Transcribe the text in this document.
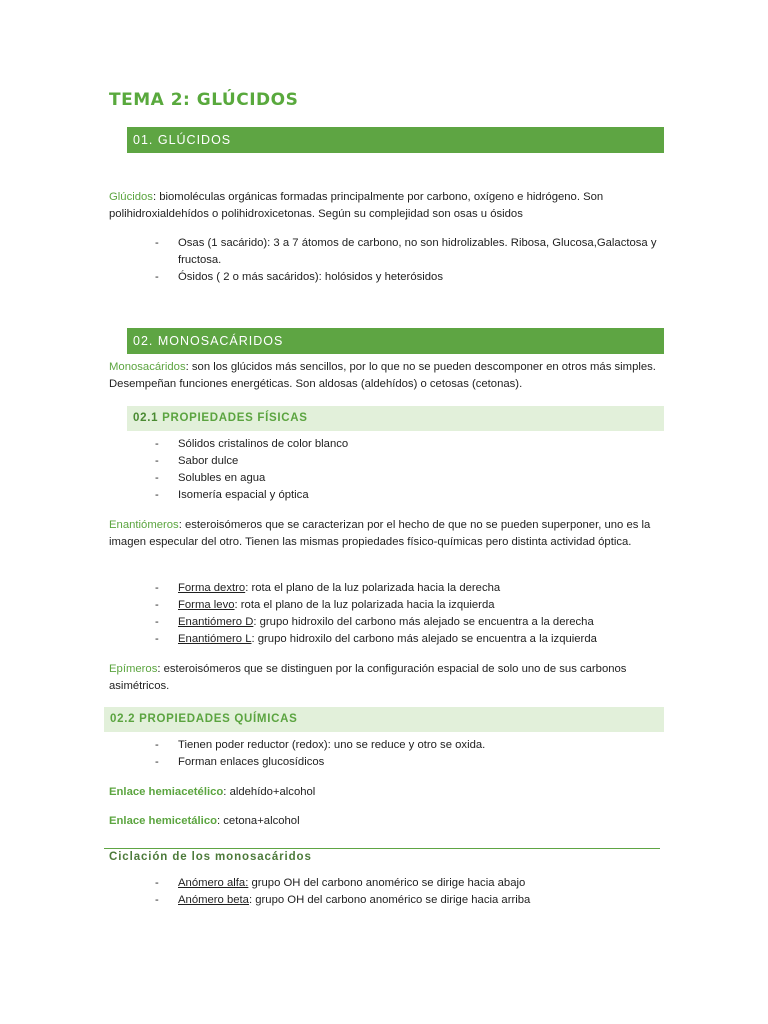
TEMA 2: GLÚCIDOS
01. GLÚCIDOS

Glúcidos: biomoléculas orgánicas formadas principalmente por carbono, oxígeno e hidrógeno. Son polihidroxialdehídos o polihidroxicetonas. Según su complejidad son osas u ósidos

- Osas (1 sacárido): 3 a 7 átomos de carbono, no son hidrolizables. Ribosa, Glucosa,Galactosa y fructosa.
- Ósidos ( 2 o más sacáridos): holósidos y heterósidos
02. MONOSACÁRIDOS

Monosacáridos: son los glúcidos más sencillos, por lo que no se pueden descomponer en otros más simples. Desempeñan funciones energéticas. Son aldosas (aldehídos) o cetosas (cetonas).

02.1 PROPIEDADES FÍSICAS
- Sólidos cristalinos de color blanco
- Sabor dulce
- Solubles en agua
- Isomería espacial y óptica

Enantiómeros: esteroisómeros que se caracterizan por el hecho de que no se pueden superponer, uno es la imagen especular del otro. Tienen las mismas propiedades físico-químicas pero distinta actividad óptica.

- Forma dextro: rota el plano de la luz polarizada hacia la derecha
- Forma levo: rota el plano de la luz polarizada hacia la izquierda
- Enantiómero D: grupo hidroxilo del carbono más alejado se encuentra a la derecha
- Enantiómero L: grupo hidroxilo del carbono más alejado se encuentra a la izquierda

Epímeros: esteroisómeros que se distinguen por la configuración espacial de solo uno de sus carbonos asimétricos.

02.2 PROPIEDADES QUÍMICAS
- Tienen poder reductor (redox): uno se reduce y otro se oxida.
- Forman enlaces glucosídicos

Enlace hemiacetélico: aldehído+alcohol

Enlace hemicetálico: cetona+alcohol

Ciclación de los monosacáridos
- Anómero alfa: grupo OH del carbono anomérico se dirige hacia abajo
- Anómero beta: grupo OH del carbono anomérico se dirige hacia arriba
